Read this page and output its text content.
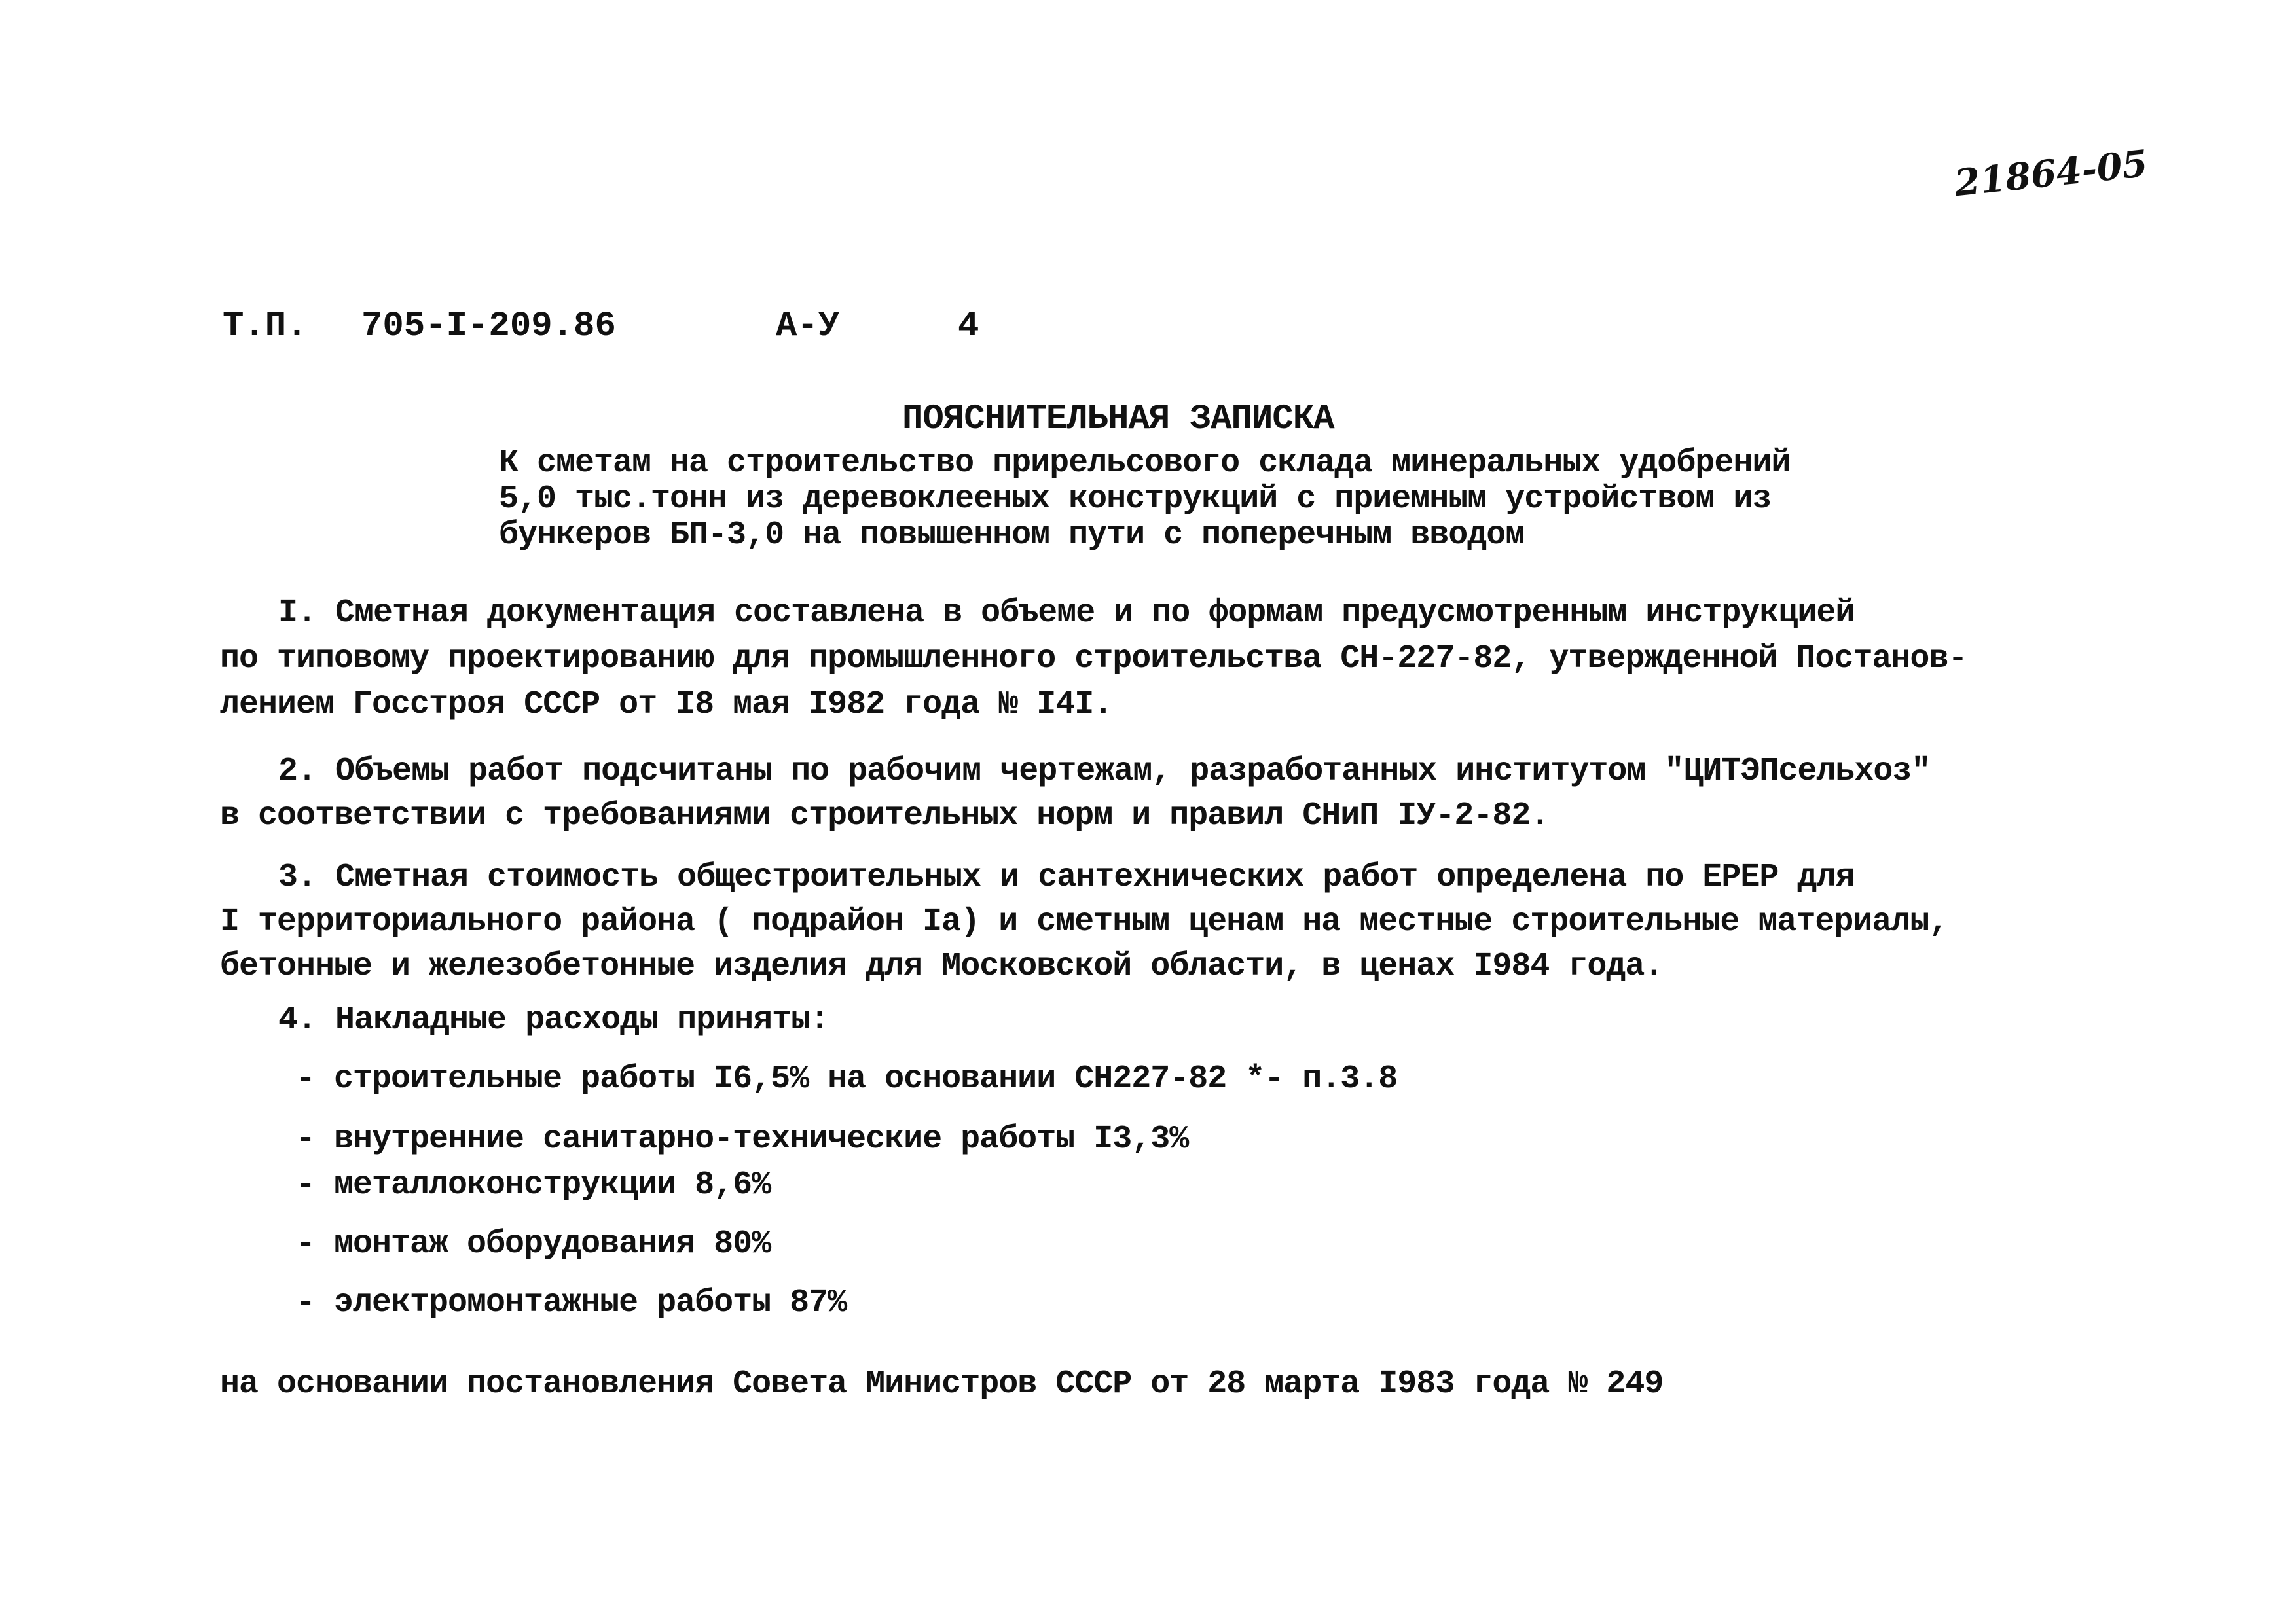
21864-05
Т.П. 705-I-209.86	А-У	4
ПОЯСНИТЕЛЬНАЯ ЗАПИСКА
К сметам на строительство прирельсового склада минеральных удобрений
5,0 тыс.тонн из деревоклееных конструкций с приемным устройством из
бункеров БП-3,0 на повышенном пути с поперечным вводом
I. Сметная документация составлена в объеме и по формам предусмотренным инструкцией
по типовому проектированию для промышленного строительства СН-227-82, утвержденной Постанов-
лением Госстроя СССР от I8 мая I982 года № I4I.
2. Объемы работ подсчитаны по рабочим чертежам, разработанных институтом "ЦИТЭПсельхоз"
в соответствии с требованиями строительных норм и правил СНиП IУ-2-82.
3. Сметная стоимость общестроительных и сантехнических работ определена по ЕРЕР для
I территориального района ( подрайон Iа) и сметным ценам на местные строительные материалы,
бетонные и железобетонные изделия для Московской области, в ценах I984 года.
4. Накладные расходы приняты:
- строительные работы I6,5% на основании СН227-82 *- п.3.8
- внутренние санитарно-технические работы I3,3%
- металлоконструкции 8,6%
- монтаж оборудования 80%
- электромонтажные работы 87%
на основании постановления Совета Министров СССР от 28 марта I983 года № 249
